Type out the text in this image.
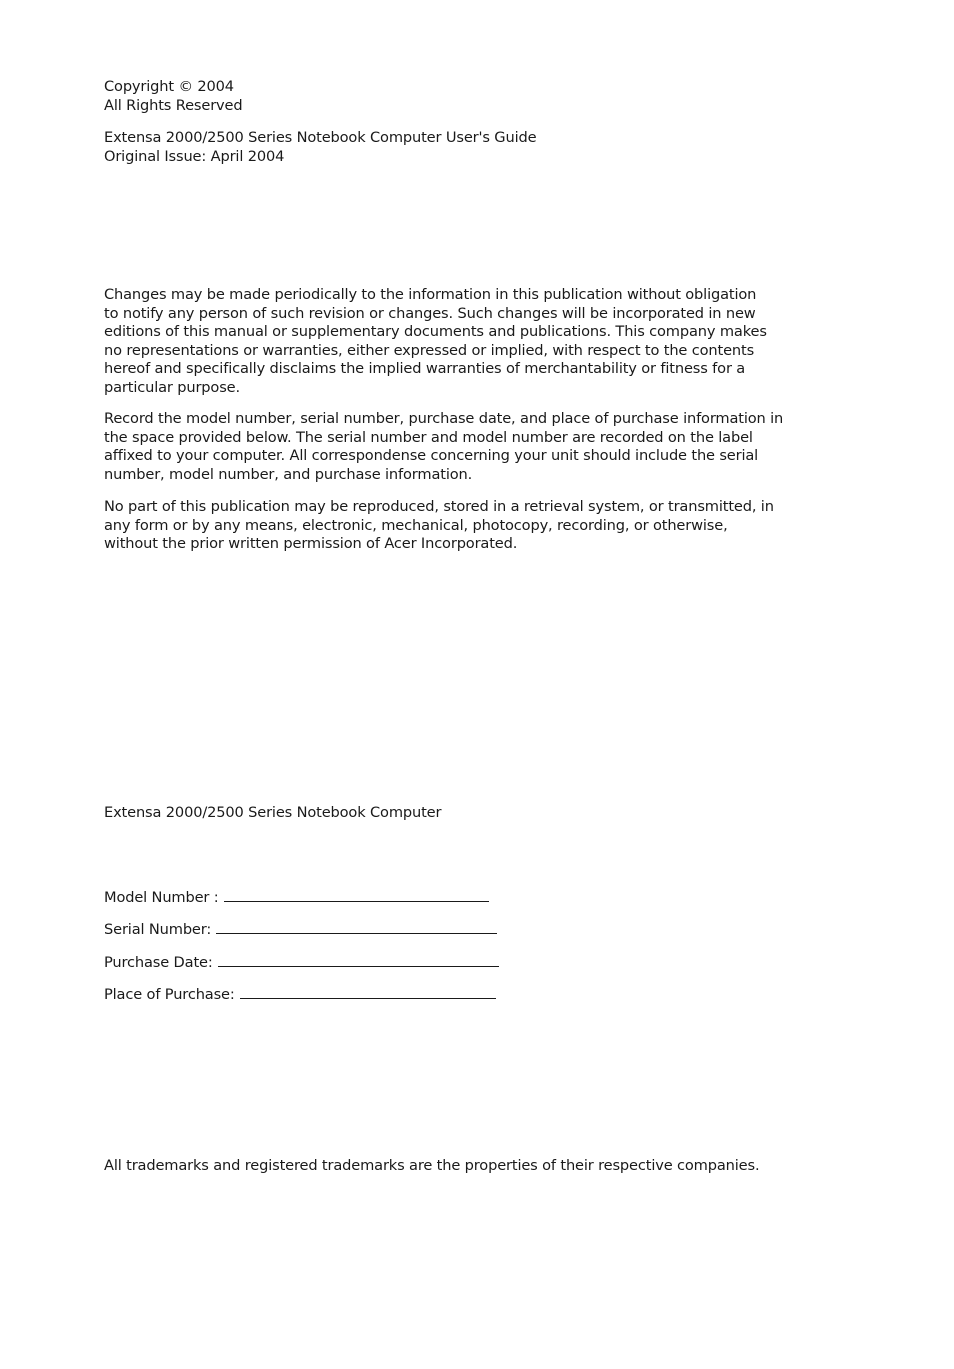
Copyright © 2004
All Rights Reserved
Extensa 2000/2500 Series Notebook Computer User's Guide
Original Issue: April 2004
Changes may be made periodically to the information in this publication without obligation
to notify any person of such revision or changes. Such changes will be incorporated in new
editions of this manual or supplementary documents and publications. This company makes
no representations or warranties, either expressed or implied, with respect to the contents
hereof and specifically disclaims the implied warranties of merchantability or fitness for a
particular purpose.
Record the model number, serial number, purchase date, and place of purchase information in
the space provided below. The serial number and model number are recorded on the label
affixed to your computer. All correspondense concerning your unit should include the serial
number, model number, and purchase information.
No part of this publication may be reproduced, stored in a retrieval system, or transmitted, in
any form or by any means, electronic, mechanical, photocopy, recording, or otherwise,
without the prior written permission of Acer Incorporated.
Extensa 2000/2500 Series Notebook Computer
Model Number :
Serial Number:
Purchase Date:
Place of Purchase:
All trademarks and registered trademarks are the properties of their respective companies.
